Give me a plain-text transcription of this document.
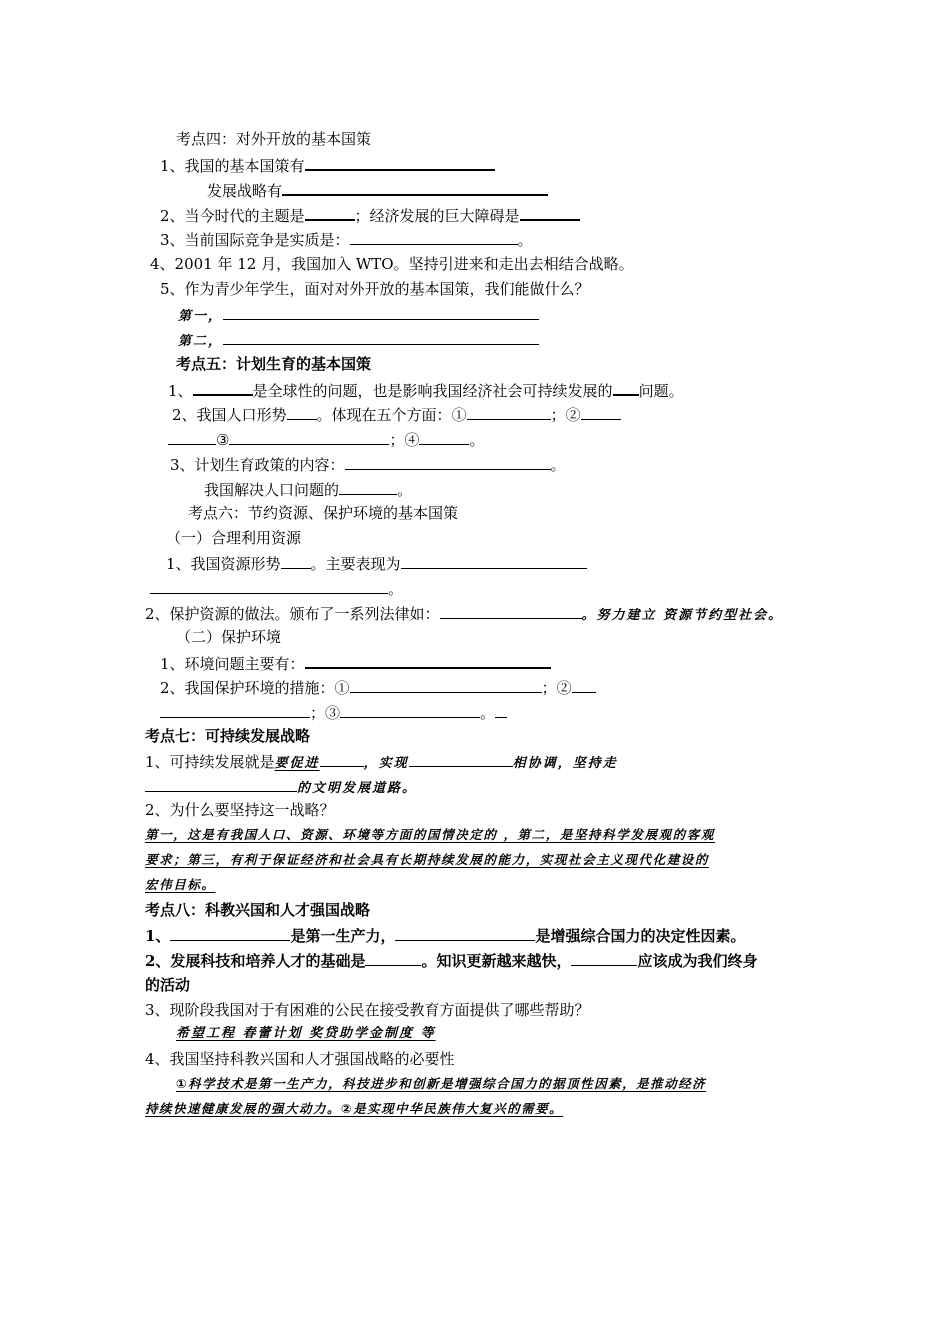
考点四：对外开放的基本国策
1、我国的基本国策有
发展战略有
2、当今时代的主题是	；经济发展的巨大障碍是
3、当前国际竞争是实质是：	。
4、2001 年 12 月，我国加入 WTO。坚持引进来和走出去相结合战略。
5、作为青少年学生，面对对外开放的基本国策，我们能做什么？
第一，
第二，
考点五：计划生育的基本国策
1、	是全球性的问题，也是影响我国经济社会可持续发展的 问题。
2、我国人口形势 。体现在五个方面：①	；②
③	；④	。
3、计划生育政策的内容：	。
我国解决人口问题的	。
考点六：节约资源、保护环境的基本国策
（一）合理利用资源
1、我国资源形势 。主要表现为
。
2、保护资源的做法。颁布了一系列法律如：	。努力建立 资源节约型社会。
（二）保护环境
1、环境问题主要有：
2、我国保护环境的措施：①	；②
；③	。
考点七：可持续发展战略
1、可持续发展就是要促进	，实现	相协调，坚持走
的文明发展道路。
2、为什么要坚持这一战略？
第一，这是有我国人口、资源、环境等方面的国情决定的 ，第二，是坚持科学发展观的客观
要求；第三，有利于保证经济和社会具有长期持续发展的能力，实现社会主义现代化建设的
宏伟目标。
考点八：科教兴国和人才强国战略
1、	是第一生产力，	是增强综合国力的决定性因素。
2、发展科技和培养人才的基础是	。知识更新越来越快，	应该成为我们终身
的活动
3、现阶段我国对于有困难的公民在接受教育方面提供了哪些帮助？
希望工程 春蕾计划 奖贷助学金制度 等
4、我国坚持科教兴国和人才强国战略的必要性
①科学技术是第一生产力，科技进步和创新是增强综合国力的据顶性因素，是推动经济
持续快速健康发展的强大动力。②是实现中华民族伟大复兴的需要。
